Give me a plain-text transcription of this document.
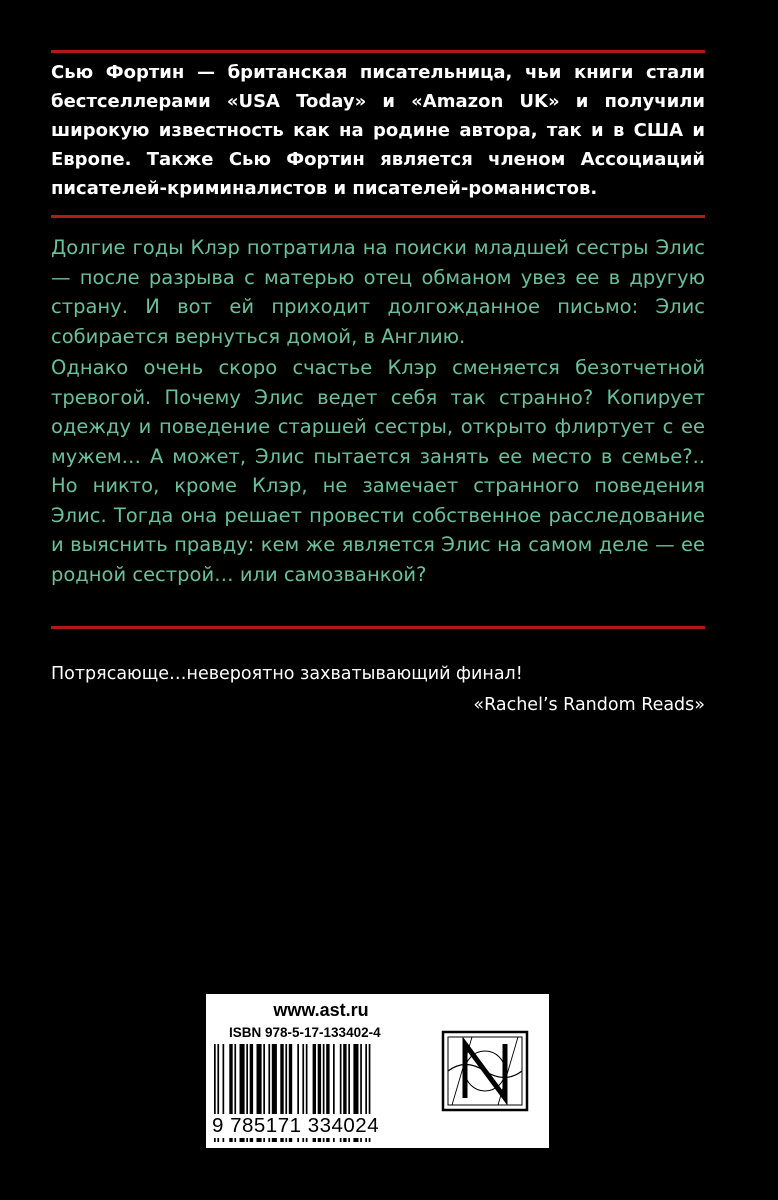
Сью Фортин — британская писательница, чьи книги стали бестселлерами «USA Today» и «Amazon UK» и получили широкую известность как на родине автора, так и в США и Европе. Также Сью Фортин является членом Ассоциаций писателей-криминалистов и писателей-романистов.

Долгие годы Клэр потратила на поиски младшей сестры Элис — после разрыва с матерью отец обманом увез ее в другую страну. И вот ей приходит долгожданное письмо: Элис собирается вернуться домой, в Англию.

Однако очень скоро счастье Клэр сменяется безотчетной тревогой. Почему Элис ведет себя так странно? Копирует одежду и поведение старшей сестры, открыто флиртует с ее мужем… А может, Элис пытается занять ее место в семье?.. Но никто, кроме Клэр, не замечает странного поведения Элис. Тогда она решает провести собственное расследование и выяснить правду: кем же является Элис на самом деле — ее родной сестрой… или самозванкой?

Потрясающе…невероятно захватывающий финал!

«Rachel’s Random Reads»

www.ast.ru
ISBN 978-5-17-133402-4
9 785171 334024
